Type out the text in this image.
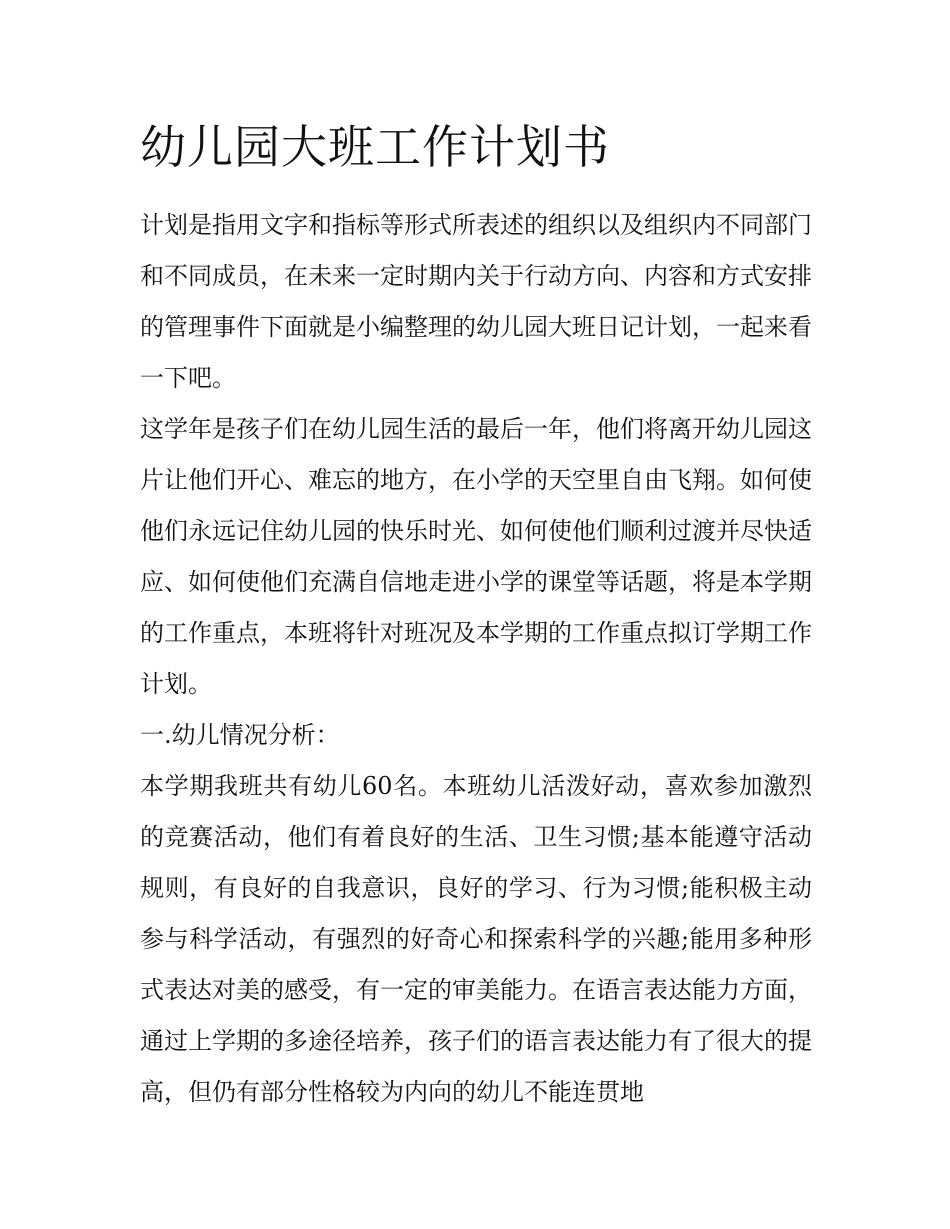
幼儿园大班工作计划书

计划是指用文字和指标等形式所表述的组织以及组织内不同部门和不同成员，在未来一定时期内关于行动方向、内容和方式安排的管理事件下面就是小编整理的幼儿园大班日记计划，一起来看一下吧。

这学年是孩子们在幼儿园生活的最后一年，他们将离开幼儿园这片让他们开心、难忘的地方，在小学的天空里自由飞翔。如何使他们永远记住幼儿园的快乐时光、如何使他们顺利过渡并尽快适应、如何使他们充满自信地走进小学的课堂等话题，将是本学期的工作重点，本班将针对班况及本学期的工作重点拟订学期工作计划。

一.幼儿情况分析：

本学期我班共有幼儿60名。本班幼儿活泼好动，喜欢参加激烈的竞赛活动，他们有着良好的生活、卫生习惯;基本能遵守活动规则，有良好的自我意识，良好的学习、行为习惯;能积极主动参与科学活动，有强烈的好奇心和探索科学的兴趣;能用多种形式表达对美的感受，有一定的审美能力。在语言表达能力方面，通过上学期的多途径培养，孩子们的语言表达能力有了很大的提高，但仍有部分性格较为内向的幼儿不能连贯地
